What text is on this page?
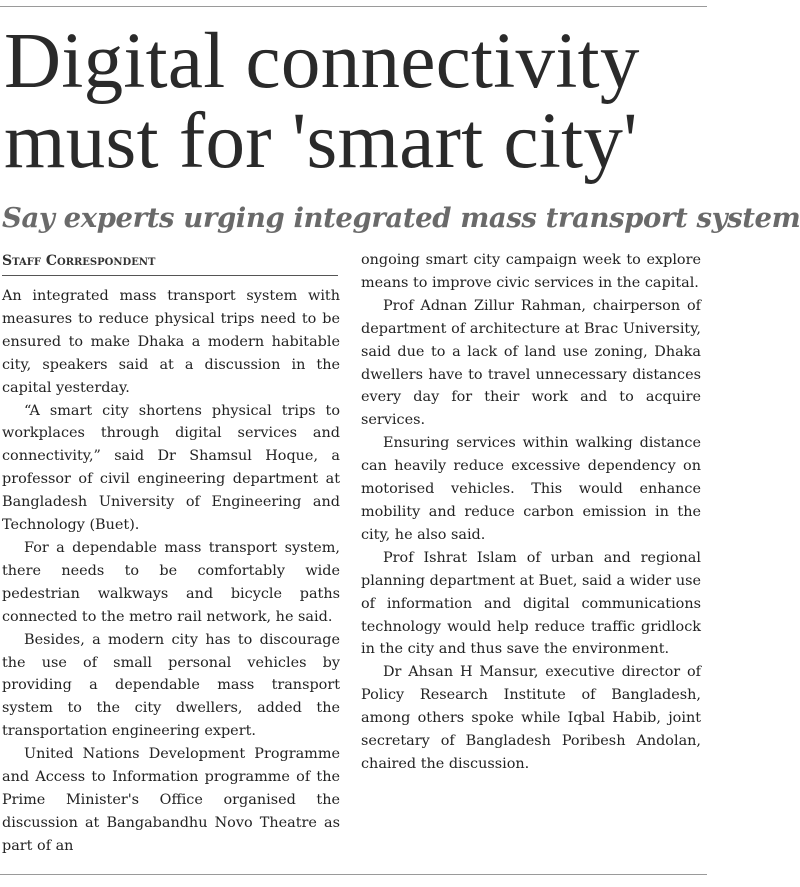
Digital connectivity
must for 'smart city'
Say experts urging integrated mass transport system
Staff Correspondent

An integrated mass transport system with measures to reduce physical trips need to be ensured to make Dhaka a modern habitable city, speakers said at a discussion in the capital yesterday.

“A smart city shortens physical trips to workplaces through digital services and connectivity,” said Dr Shamsul Hoque, a professor of civil engineering department at Bangladesh University of Engineering and Technology (Buet).

For a dependable mass transport system, there needs to be comfortably wide pedestrian walkways and bicycle paths connected to the metro rail network, he said.

Besides, a modern city has to discourage the use of small personal vehicles by providing a dependable mass transport system to the city dwellers, added the transportation engineering expert.

United Nations Development Programme and Access to Information programme of the Prime Minister's Office organised the discussion at Bangabandhu Novo Theatre as part of an

ongoing smart city campaign week to explore means to improve civic services in the capital.

Prof Adnan Zillur Rahman, chairperson of department of architecture at Brac University, said due to a lack of land use zoning, Dhaka dwellers have to travel unnecessary distances every day for their work and to acquire services.

Ensuring services within walking distance can heavily reduce excessive dependency on motorised vehicles. This would enhance mobility and reduce carbon emission in the city, he also said.

Prof Ishrat Islam of urban and regional planning department at Buet, said a wider use of information and digital communications technology would help reduce traffic gridlock in the city and thus save the environment.

Dr Ahsan H Mansur, executive director of Policy Research Institute of Bangladesh, among others spoke while Iqbal Habib, joint secretary of Bangladesh Poribesh Andolan, chaired the discussion.
